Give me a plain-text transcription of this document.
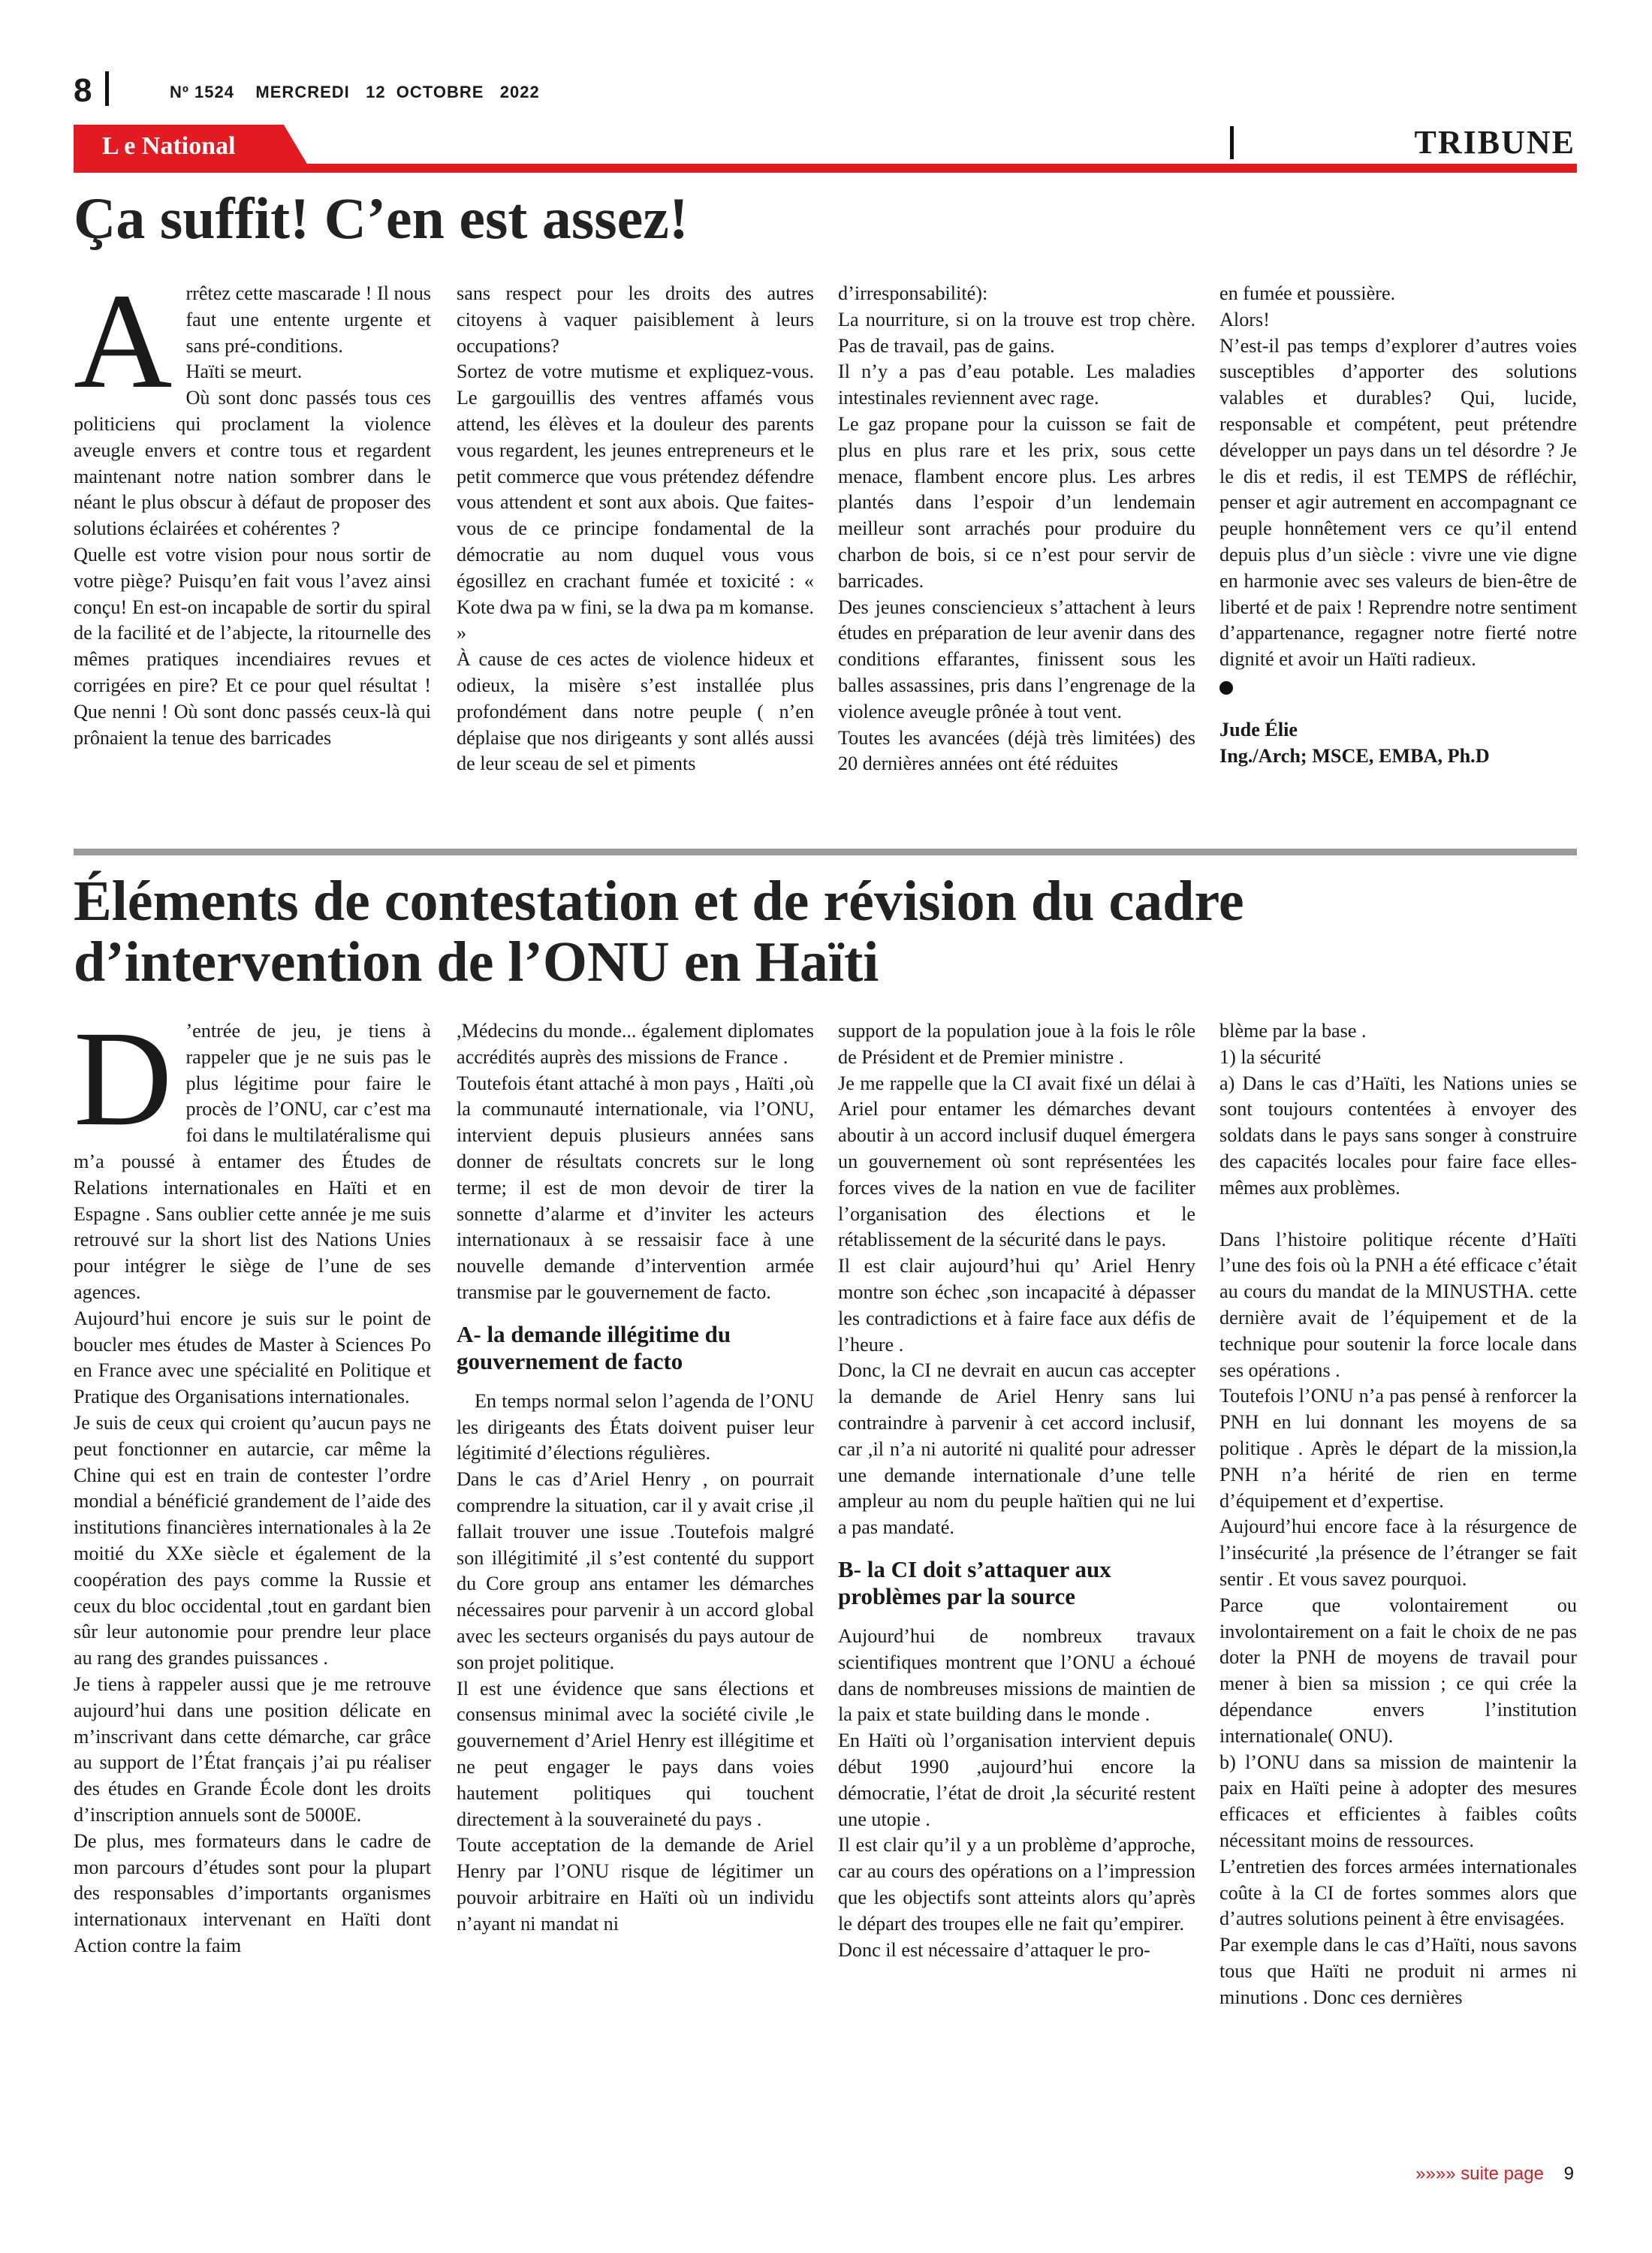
8	Nº 1524    MERCREDI   12  OCTOBRE   2022
L e National	TRIBUNE
Ça suffit! C’en est assez!
A rrêtez cette mascarade ! Il nous faut une entente urgente et sans pré-conditions.

Haïti se meurt.

Où sont donc passés tous ces politiciens qui proclament la violence aveugle envers et contre tous et regardent maintenant notre nation sombrer dans le néant le plus obscur à défaut de proposer des solutions éclairées et cohérentes ?

Quelle est votre vision pour nous sortir de votre piège? Puisqu’en fait vous l’avez ainsi conçu! En est-on incapable de sortir du spiral de la facilité et de l’abjecte, la ritournelle des mêmes pratiques incendiaires revues et corrigées en pire? Et ce pour quel résultat ! Que nenni ! Où sont donc passés ceux-là qui prônaient la tenue des barricades

sans respect pour les droits des autres citoyens à vaquer paisiblement à leurs occupations?

Sortez de votre mutisme et expliquez-vous. Le gargouillis des ventres affamés vous attend, les élèves et la douleur des parents vous regardent, les jeunes entrepreneurs et le petit commerce que vous prétendez défendre vous attendent et sont aux abois. Que faites-vous de ce principe fondamental de la démocratie au nom duquel vous vous égosillez en crachant fumée et toxicité : « Kote dwa pa w fini, se la dwa pa m komanse. »

À cause de ces actes de violence hideux et odieux, la misère s’est installée plus profondément dans notre peuple ( n’en déplaise que nos dirigeants y sont allés aussi de leur sceau de sel et piments

d’irresponsabilité):

La nourriture, si on la trouve est trop chère. Pas de travail, pas de gains.

Il n’y a pas d’eau potable. Les maladies intestinales reviennent avec rage.

Le gaz propane pour la cuisson se fait de plus en plus rare et les prix, sous cette menace, flambent encore plus. Les arbres plantés dans l’espoir d’un lendemain meilleur sont arrachés pour produire du charbon de bois, si ce n’est pour servir de barricades.

Des jeunes consciencieux s’attachent à leurs études en préparation de leur avenir dans des conditions effarantes, finissent sous les balles assassines, pris dans l’engrenage de la violence aveugle prônée à tout vent.

Toutes les avancées (déjà très limitées) des 20 dernières années ont été réduites

en fumée et poussière.

Alors!

N’est-il pas temps d’explorer d’autres voies susceptibles d’apporter des solutions valables et durables? Qui, lucide, responsable et compétent, peut prétendre développer un pays dans un tel désordre ? Je le dis et redis, il est TEMPS de réfléchir, penser et agir autrement en accompagnant ce peuple honnêtement vers ce qu’il entend depuis plus d’un siècle : vivre une vie digne en harmonie avec ses valeurs de bien-être de liberté et de paix ! Reprendre notre sentiment d’appartenance, regagner notre fierté notre dignité et avoir un Haïti radieux.

Jude Élie

Ing./Arch; MSCE, EMBA, Ph.D

Éléments de contestation et de révision du cadre d’intervention de l’ONU en Haïti
D ’entrée de jeu, je tiens à rappeler que je ne suis pas le plus légitime pour faire le procès de l’ONU, car c’est ma foi dans le multilatéralisme qui m’a poussé à entamer des Études de Relations internationales en Haïti et en Espagne . Sans oublier cette année je me suis retrouvé sur la short list des Nations Unies pour intégrer le siège de l’une de ses agences.

Aujourd’hui encore je suis sur le point de boucler mes études de Master à Sciences Po en France avec une spécialité en Politique et Pratique des Organisations internationales.

Je suis de ceux qui croient qu’aucun pays ne peut fonctionner en autarcie, car même la Chine qui est en train de contester l’ordre mondial a bénéficié grandement de l’aide des institutions financières internationales à la 2e moitié du XXe siècle et également de la coopération des pays comme la Russie et ceux du bloc occidental ,tout en gardant bien sûr leur autonomie pour prendre leur place au rang des grandes puissances .

Je tiens à rappeler aussi que je me retrouve aujourd’hui dans une position délicate en m’inscrivant dans cette démarche, car grâce au support de l’État français j’ai pu réaliser des études en Grande École dont les droits d’inscription annuels sont de 5000E.

De plus, mes formateurs dans le cadre de mon parcours d’études sont pour la plupart des responsables d’importants organismes internationaux intervenant en Haïti dont Action contre la faim

,Médecins du monde... également diplomates accrédités auprès des missions de France .

Toutefois étant attaché à mon pays , Haïti ,où la communauté internationale, via l’ONU, intervient depuis plusieurs années sans donner de résultats concrets sur le long terme; il est de mon devoir de tirer la sonnette d’alarme et d’inviter les acteurs internationaux à se ressaisir face à une nouvelle demande d’intervention armée transmise par le gouvernement de facto.

A- la demande illégitime du gouvernement de facto

En temps normal selon l’agenda de l’ONU les dirigeants des États doivent puiser leur légitimité d’élections régulières.

Dans le cas d’Ariel Henry , on pourrait comprendre la situation, car il y avait crise ,il fallait trouver une issue .Toutefois malgré son illégitimité ,il s’est contenté du support du Core group ans entamer les démarches nécessaires pour parvenir à un accord global avec les secteurs organisés du pays autour de son projet politique.

Il est une évidence que sans élections et consensus minimal avec la société civile ,le gouvernement d’Ariel Henry est illégitime et ne peut engager le pays dans voies hautement politiques qui touchent directement à la souveraineté du pays .

Toute acceptation de la demande de Ariel Henry par l’ONU risque de légitimer un pouvoir arbitraire en Haïti où un individu n’ayant ni mandat ni

support de la population joue à la fois le rôle de Président et de Premier ministre .

Je me rappelle que la CI avait fixé un délai à Ariel pour entamer les démarches devant aboutir à un accord inclusif duquel émergera un gouvernement où sont représentées les forces vives de la nation en vue de faciliter l’organisation des élections et le rétablissement de la sécurité dans le pays.

Il est clair aujourd’hui qu’ Ariel Henry montre son échec ,son incapacité à dépasser les contradictions et à faire face aux défis de l’heure .

Donc, la CI ne devrait en aucun cas accepter la demande de Ariel Henry sans lui contraindre à parvenir à cet accord inclusif, car ,il n’a ni autorité ni qualité pour adresser une demande internationale d’une telle ampleur au nom du peuple haïtien qui ne lui a pas mandaté.

B- la CI doit s’attaquer aux problèmes par la source

Aujourd’hui de nombreux travaux scientifiques montrent que l’ONU a échoué dans de nombreuses missions de maintien de la paix et state building dans le monde .

En Haïti où l’organisation intervient depuis début 1990 ,aujourd’hui encore la démocratie, l’état de droit ,la sécurité restent une utopie .

Il est clair qu’il y a un problème d’approche, car au cours des opérations on a l’impression que les objectifs sont atteints alors qu’après le départ des troupes elle ne fait qu’empirer.

Donc il est nécessaire d’attaquer le pro-

blème par la base .

1) la sécurité

a) Dans le cas d’Haïti, les Nations unies se sont toujours contentées à envoyer des soldats dans le pays sans songer à construire des capacités locales pour faire face elles-mêmes aux problèmes.

Dans l’histoire politique récente d’Haïti l’une des fois où la PNH a été efficace c’était au cours du mandat de la MINUSTHA. cette dernière avait de l’équipement et de la technique pour soutenir la force locale dans ses opérations .

Toutefois l’ONU n’a pas pensé à renforcer la PNH en lui donnant les moyens de sa politique . Après le départ de la mission,la PNH n’a hérité de rien en terme d’équipement et d’expertise.

Aujourd’hui encore face à la résurgence de l’insécurité ,la présence de l’étranger se fait sentir . Et vous savez pourquoi.

Parce que volontairement ou involontairement on a fait le choix de ne pas doter la PNH de moyens de travail pour mener à bien sa mission ; ce qui crée la dépendance envers l’institution internationale( ONU).

b) l’ONU dans sa mission de maintenir la paix en Haïti peine à adopter des mesures efficaces et efficientes à faibles coûts nécessitant moins de ressources.

L’entretien des forces armées internationales coûte à la CI de fortes sommes alors que d’autres solutions peinent à être envisagées.

Par exemple dans le cas d’Haïti, nous savons tous que Haïti ne produit ni armes ni minutions . Donc ces dernières

»»»» suite page 9
